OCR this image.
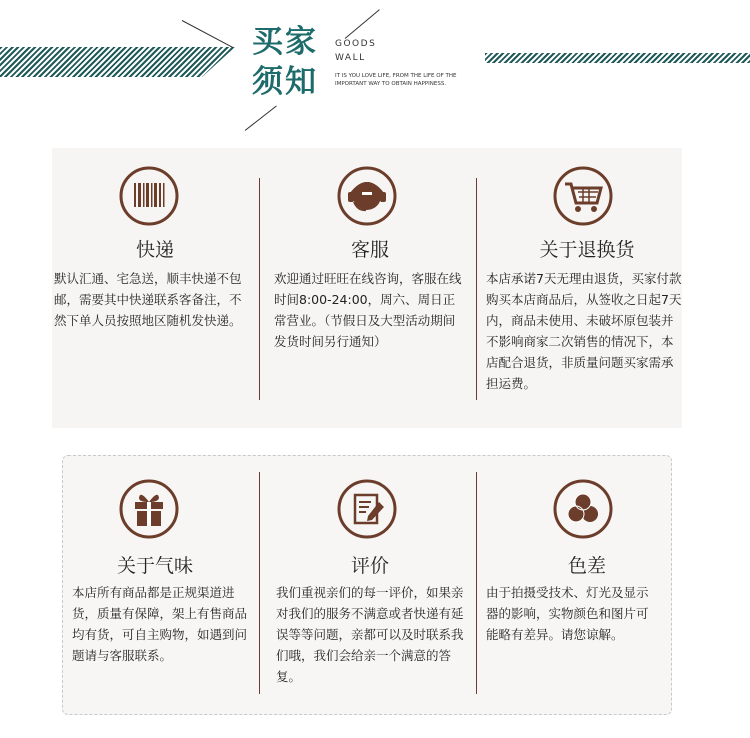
买家
须知
GOODS
WALL
IT IS YOU LOVE LIFE, FROM THE LIFE OF THE IMPORTANT WAY TO OBTAIN HAPPINESS.
快递
默认汇通、宅急送，顺丰快递不包邮，需要其中快递联系客备注，不然下单人员按照地区随机发快递。
客服
欢迎通过旺旺在线咨询，客服在线时间8:00-24:00，周六、周日正常营业。（节假日及大型活动期间发货时间另行通知）
关于退换货
本店承诺7天无理由退货，买家付款购买本店商品后，从签收之日起7天内，商品未使用、未破坏原包装并不影响商家二次销售的情况下，本店配合退货，非质量问题买家需承担运费。
关于气味
本店所有商品都是正规渠道进货，质量有保障，架上有售商品均有货，可自主购物，如遇到问题请与客服联系。
评价
我们重视亲们的每一评价，如果亲对我们的服务不满意或者快递有延误等等问题，亲都可以及时联系我们哦，我们会给亲一个满意的答复。
色差
由于拍摄受技术、灯光及显示器的影响，实物颜色和图片可能略有差异。请您谅解。
